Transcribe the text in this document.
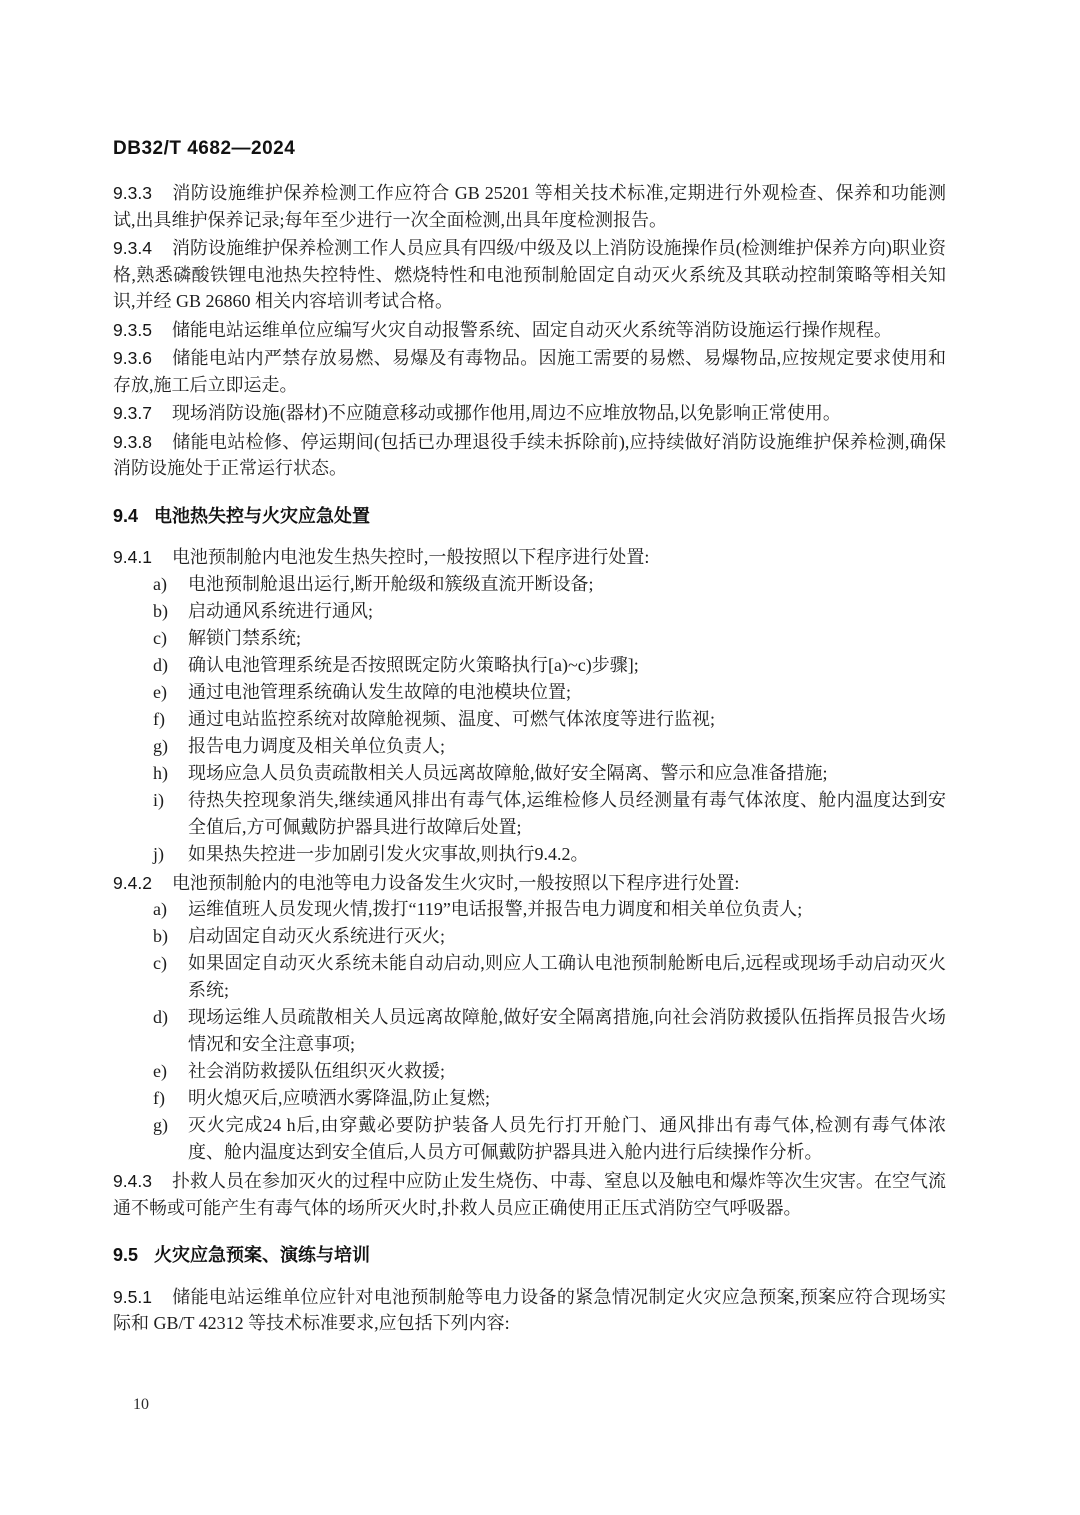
DB32/T 4682—2024

9.3.3 消防设施维护保养检测工作应符合 GB 25201 等相关技术标准,定期进行外观检查、保养和功能测试,出具维护保养记录;每年至少进行一次全面检测,出具年度检测报告。

9.3.4 消防设施维护保养检测工作人员应具有四级/中级及以上消防设施操作员(检测维护保养方向)职业资格,熟悉磷酸铁锂电池热失控特性、燃烧特性和电池预制舱固定自动灭火系统及其联动控制策略等相关知识,并经 GB 26860 相关内容培训考试合格。

9.3.5 储能电站运维单位应编写火灾自动报警系统、固定自动灭火系统等消防设施运行操作规程。

9.3.6 储能电站内严禁存放易燃、易爆及有毒物品。因施工需要的易燃、易爆物品,应按规定要求使用和存放,施工后立即运走。

9.3.7 现场消防设施(器材)不应随意移动或挪作他用,周边不应堆放物品,以免影响正常使用。

9.3.8 储能电站检修、停运期间(包括已办理退役手续未拆除前),应持续做好消防设施维护保养检测,确保消防设施处于正常运行状态。

9.4 电池热失控与火灾应急处置

9.4.1 电池预制舱内电池发生热失控时,一般按照以下程序进行处置:

a) 电池预制舱退出运行,断开舱级和簇级直流开断设备;
b) 启动通风系统进行通风;
c) 解锁门禁系统;
d) 确认电池管理系统是否按照既定防火策略执行[a)~c)步骤];
e) 通过电池管理系统确认发生故障的电池模块位置;
f) 通过电站监控系统对故障舱视频、温度、可燃气体浓度等进行监视;
g) 报告电力调度及相关单位负责人;
h) 现场应急人员负责疏散相关人员远离故障舱,做好安全隔离、警示和应急准备措施;
i) 待热失控现象消失,继续通风排出有毒气体,运维检修人员经测量有毒气体浓度、舱内温度达到安全值后,方可佩戴防护器具进行故障后处置;
j) 如果热失控进一步加剧引发火灾事故,则执行9.4.2。

9.4.2 电池预制舱内的电池等电力设备发生火灾时,一般按照以下程序进行处置:

a) 运维值班人员发现火情,拨打“119”电话报警,并报告电力调度和相关单位负责人;
b) 启动固定自动灭火系统进行灭火;
c) 如果固定自动灭火系统未能自动启动,则应人工确认电池预制舱断电后,远程或现场手动启动灭火系统;
d) 现场运维人员疏散相关人员远离故障舱,做好安全隔离措施,向社会消防救援队伍指挥员报告火场情况和安全注意事项;
e) 社会消防救援队伍组织灭火救援;
f) 明火熄灭后,应喷洒水雾降温,防止复燃;
g) 灭火完成24 h后,由穿戴必要防护装备人员先行打开舱门、通风排出有毒气体,检测有毒气体浓度、舱内温度达到安全值后,人员方可佩戴防护器具进入舱内进行后续操作分析。

9.4.3 扑救人员在参加灭火的过程中应防止发生烧伤、中毒、窒息以及触电和爆炸等次生灾害。在空气流通不畅或可能产生有毒气体的场所灭火时,扑救人员应正确使用正压式消防空气呼吸器。

9.5 火灾应急预案、演练与培训

9.5.1 储能电站运维单位应针对电池预制舱等电力设备的紧急情况制定火灾应急预案,预案应符合现场实际和 GB/T 42312 等技术标准要求,应包括下列内容:

10
